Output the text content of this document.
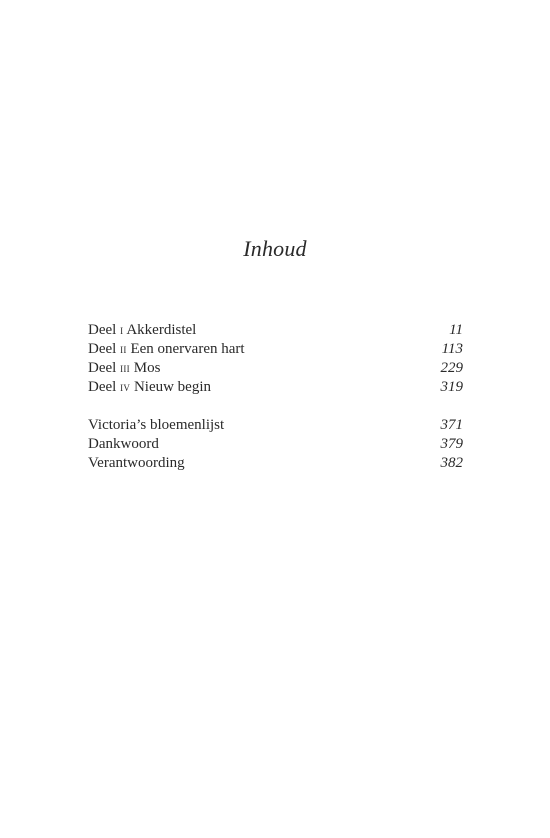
Inhoud
Deel i Akkerdistel	11
Deel ii Een onervaren hart	113
Deel iii Mos	229
Deel iv Nieuw begin	319
Victoria’s bloemenlijst	371
Dankwoord	379
Verantwoording	382
